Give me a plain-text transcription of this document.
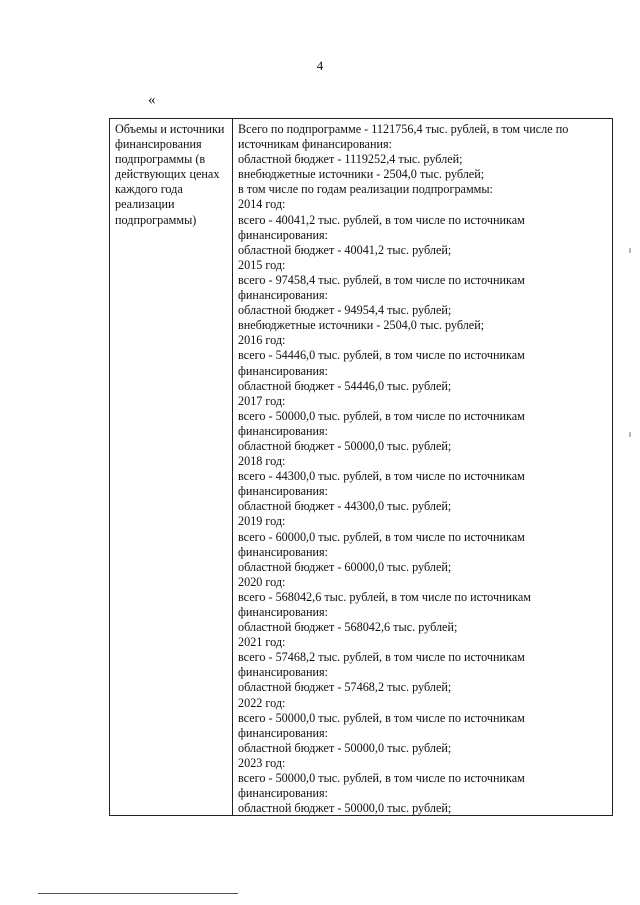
4
«
Объемы и источники
финансирования
подпрограммы (в
действующих ценах
каждого года
реализации
подпрограммы)
Всего по подпрограмме - 1121756,4 тыс. рублей, в том числе по
источникам финансирования:
областной бюджет - 1119252,4 тыс. рублей;
внебюджетные источники - 2504,0 тыс. рублей;
в том числе по годам реализации подпрограммы:
2014 год:
всего - 40041,2 тыс. рублей, в том числе по источникам
финансирования:
областной бюджет - 40041,2 тыс. рублей;
2015 год:
всего - 97458,4 тыс. рублей, в том числе по источникам
финансирования:
областной бюджет - 94954,4 тыс. рублей;
внебюджетные источники - 2504,0 тыс. рублей;
2016 год:
всего - 54446,0 тыс. рублей, в том числе по источникам
финансирования:
областной бюджет - 54446,0 тыс. рублей;
2017 год:
всего - 50000,0 тыс. рублей, в том числе по источникам
финансирования:
областной бюджет - 50000,0 тыс. рублей;
2018 год:
всего - 44300,0 тыс. рублей, в том числе по источникам
финансирования:
областной бюджет - 44300,0 тыс. рублей;
2019 год:
всего - 60000,0 тыс. рублей, в том числе по источникам
финансирования:
областной бюджет - 60000,0 тыс. рублей;
2020 год:
всего - 568042,6 тыс. рублей, в том числе по источникам
финансирования:
областной бюджет - 568042,6 тыс. рублей;
2021 год:
всего - 57468,2 тыс. рублей, в том числе по источникам
финансирования:
областной бюджет - 57468,2 тыс. рублей;
2022 год:
всего - 50000,0 тыс. рублей, в том числе по источникам
финансирования:
областной бюджет - 50000,0 тыс. рублей;
2023 год:
всего - 50000,0 тыс. рублей, в том числе по источникам
финансирования:
областной бюджет - 50000,0 тыс. рублей;
